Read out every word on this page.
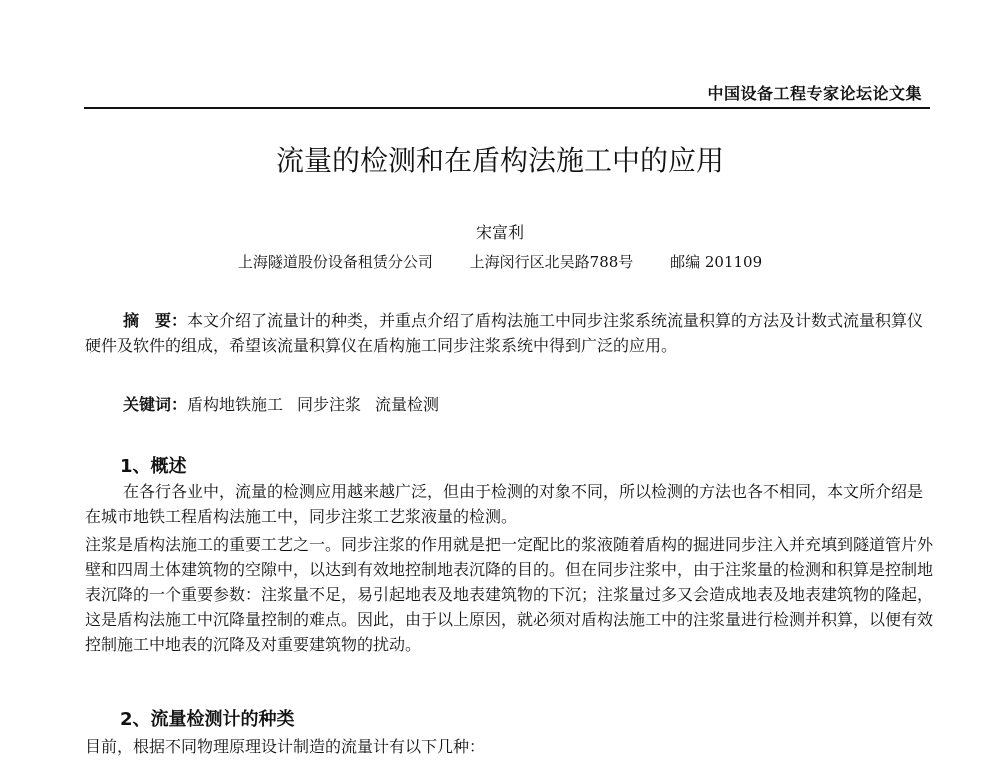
中国设备工程专家论坛论文集
流量的检测和在盾构法施工中的应用
宋富利
上海隧道股份设备租赁分公司 上海闵行区北吴路788号 邮编 201109

摘　要：本文介绍了流量计的种类，并重点介绍了盾构法施工中同步注浆系统流量积算的方法及计数式流量积算仪硬件及软件的组成，希望该流量积算仪在盾构施工同步注浆系统中得到广泛的应用。

关键词：盾构地铁施工 同步注浆 流量检测

1、概述

在各行各业中，流量的检测应用越来越广泛，但由于检测的对象不同，所以检测的方法也各不相同，本文所介绍是在城市地铁工程盾构法施工中，同步注浆工艺浆液量的检测。

注浆是盾构法施工的重要工艺之一。同步注浆的作用就是把一定配比的浆液随着盾构的掘进同步注入并充填到隧道管片外壁和四周土体建筑物的空隙中，以达到有效地控制地表沉降的目的。但在同步注浆中，由于注浆量的检测和积算是控制地表沉降的一个重要参数：注浆量不足，易引起地表及地表建筑物的下沉；注浆量过多又会造成地表及地表建筑物的隆起，这是盾构法施工中沉降量控制的难点。因此，由于以上原因，就必须对盾构法施工中的注浆量进行检测并积算，以便有效控制施工中地表的沉降及对重要建筑物的扰动。

2、流量检测计的种类

目前，根据不同物理原理设计制造的流量计有以下几种：
